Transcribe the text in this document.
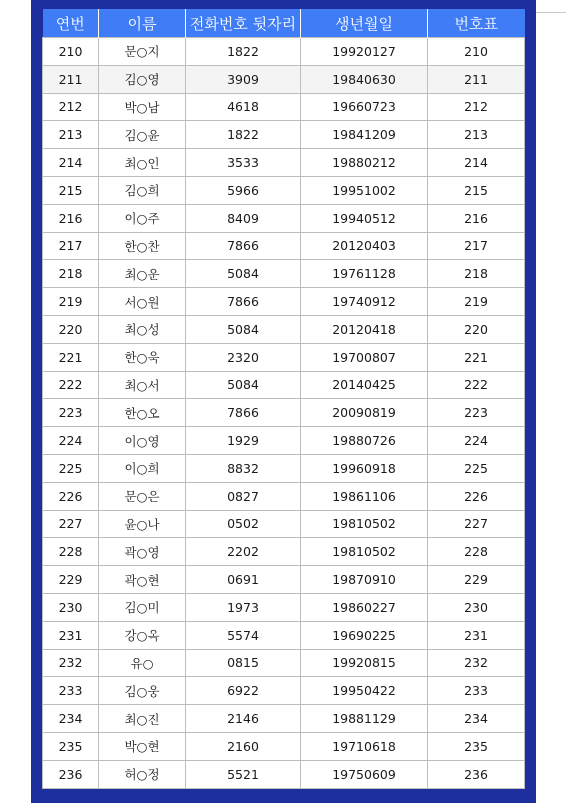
연번	이름	전화번호 뒷자리	생년월일	번호표
210	문○지	1822	19920127	210
211	김○영	3909	19840630	211
212	박○남	4618	19660723	212
213	김○윤	1822	19841209	213
214	최○인	3533	19880212	214
215	김○희	5966	19951002	215
216	이○주	8409	19940512	216
217	한○찬	7866	20120403	217
218	최○운	5084	19761128	218
219	서○원	7866	19740912	219
220	최○성	5084	20120418	220
221	한○욱	2320	19700807	221
222	최○서	5084	20140425	222
223	한○오	7866	20090819	223
224	이○영	1929	19880726	224
225	이○희	8832	19960918	225
226	문○은	0827	19861106	226
227	윤○나	0502	19810502	227
228	곽○영	2202	19810502	228
229	곽○현	0691	19870910	229
230	김○미	1973	19860227	230
231	강○옥	5574	19690225	231
232	유○	0815	19920815	232
233	김○웅	6922	19950422	233
234	최○진	2146	19881129	234
235	박○현	2160	19710618	235
236	허○정	5521	19750609	236
